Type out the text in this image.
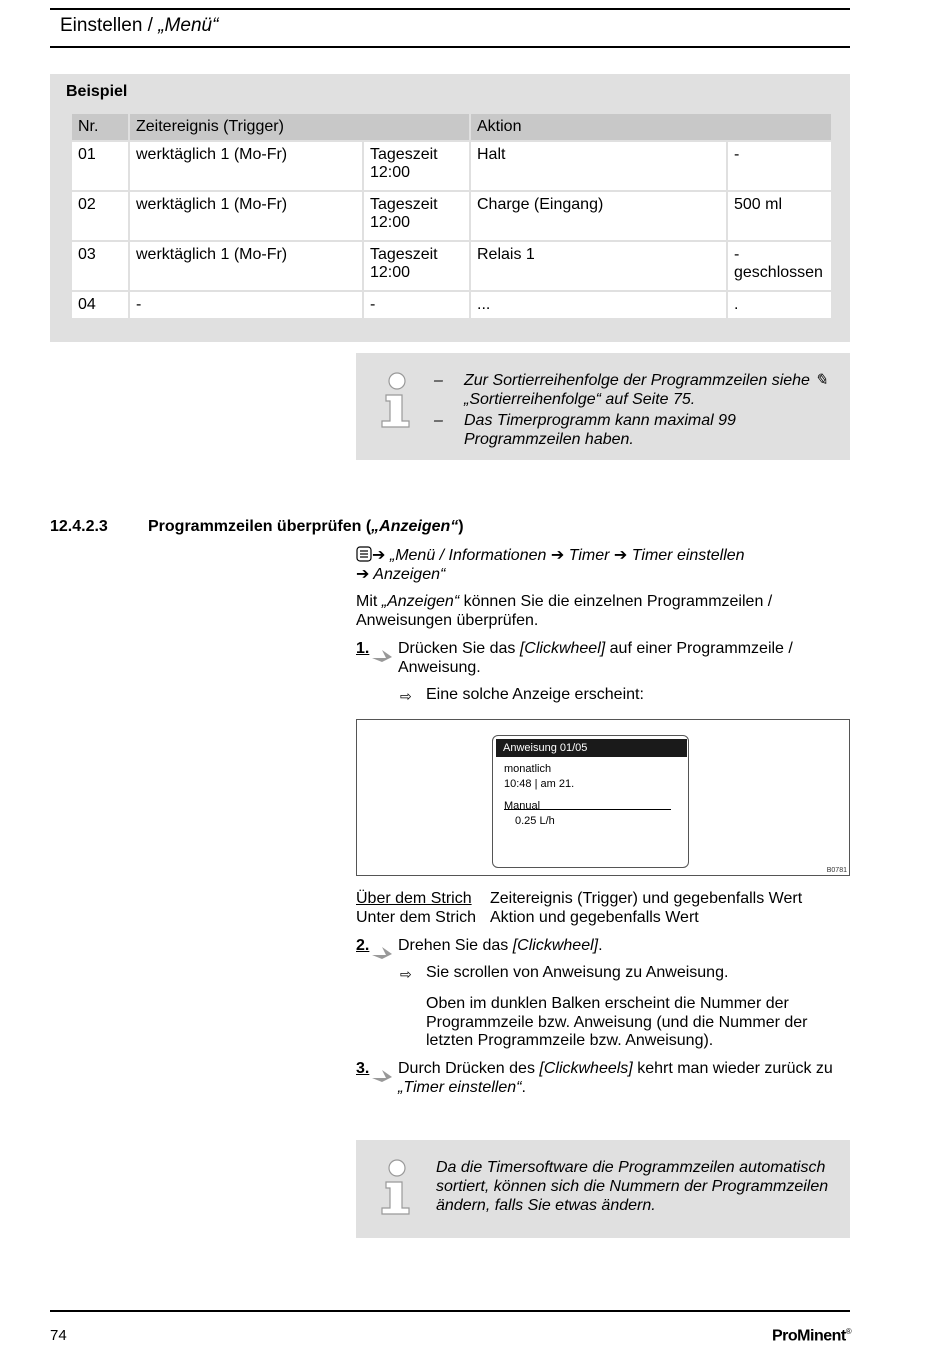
Einstellen / „Menü“
Beispiel
Nr.	Zeitereignis (Trigger)		Aktion	
01	werktäglich 1 (Mo-Fr)	Tageszeit 12:00	Halt	-
02	werktäglich 1 (Mo-Fr)	Tageszeit 12:00	Charge (Eingang)	500 ml
03	werktäglich 1 (Mo-Fr)	Tageszeit 12:00	Relais 1	- geschlossen
04	-	-	...	.
– Zur Sortierreihenfolge der Programmzeilen siehe ✎ „Sortierreihenfolge“ auf Seite 75.
– Das Timerprogramm kann maximal 99 Programmzeilen haben.
12.4.2.3	Programmzeilen überprüfen („Anzeigen“)
➔ „Menü / Informationen ➔ Timer ➔ Timer einstellen
➔ Anzeigen“
Mit „Anzeigen“ können Sie die einzelnen Programmzeilen / Anweisungen überprüfen.
1. Drücken Sie das [Clickwheel] auf einer Programmzeile / Anweisung.
⇨ Eine solche Anzeige erscheint:
Anweisung 01/05
monatlich
10:48 | am 21.
Manual
0.25 L/h
B0781
Über dem Strich Zeitereignis (Trigger) und gegebenfalls Wert
Unter dem Strich Aktion und gegebenfalls Wert
2. Drehen Sie das [Clickwheel].
⇨ Sie scrollen von Anweisung zu Anweisung.
Oben im dunklen Balken erscheint die Nummer der Programmzeile bzw. Anweisung (und die Nummer der letzten Programmzeile bzw. Anweisung).
3. Durch Drücken des [Clickwheels] kehrt man wieder zurück zu „Timer einstellen“.
Da die Timersoftware die Programmzeilen automatisch sortiert, können sich die Nummern der Programmzeilen ändern, falls Sie etwas ändern.
74	ProMinent®
